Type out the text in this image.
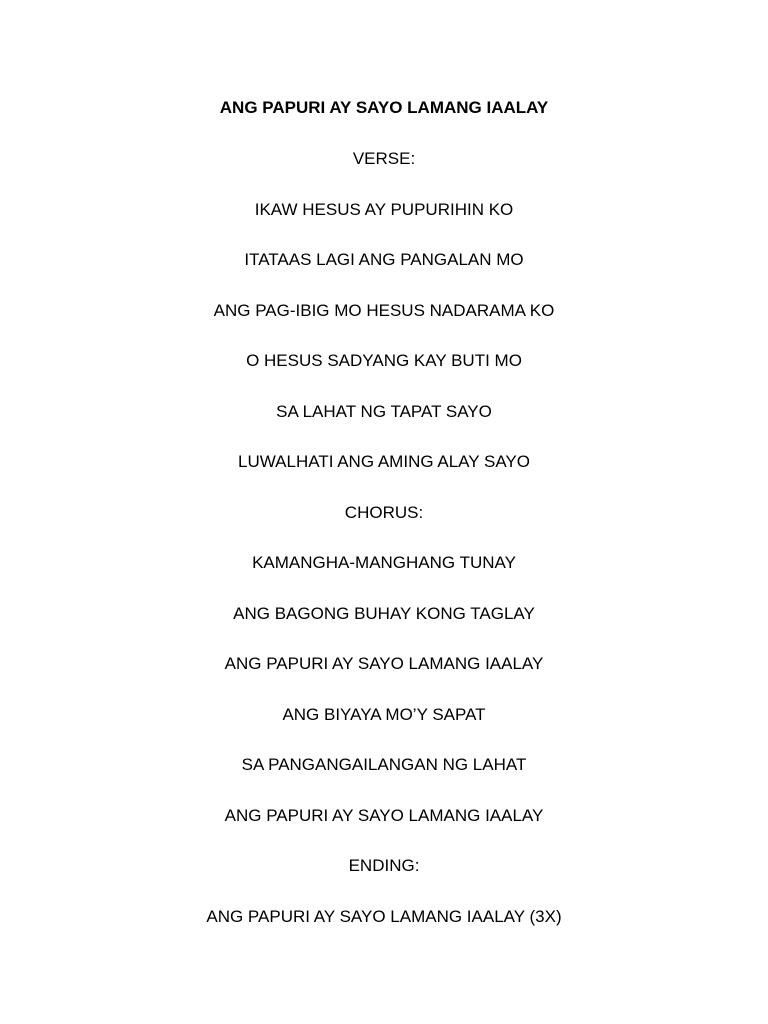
ANG PAPURI AY SAYO LAMANG IAALAY
VERSE:
IKAW HESUS AY PUPURIHIN KO
ITATAAS LAGI ANG PANGALAN MO
ANG PAG-IBIG MO HESUS NADARAMA KO
O HESUS SADYANG KAY BUTI MO
SA LAHAT NG TAPAT SAYO
LUWALHATI ANG AMING ALAY SAYO
CHORUS:
KAMANGHA-MANGHANG TUNAY
ANG BAGONG BUHAY KONG TAGLAY
ANG PAPURI AY SAYO LAMANG IAALAY
ANG BIYAYA MO’Y SAPAT
SA PANGANGAILANGAN NG LAHAT
ANG PAPURI AY SAYO LAMANG IAALAY
ENDING:
ANG PAPURI AY SAYO LAMANG IAALAY (3X)
